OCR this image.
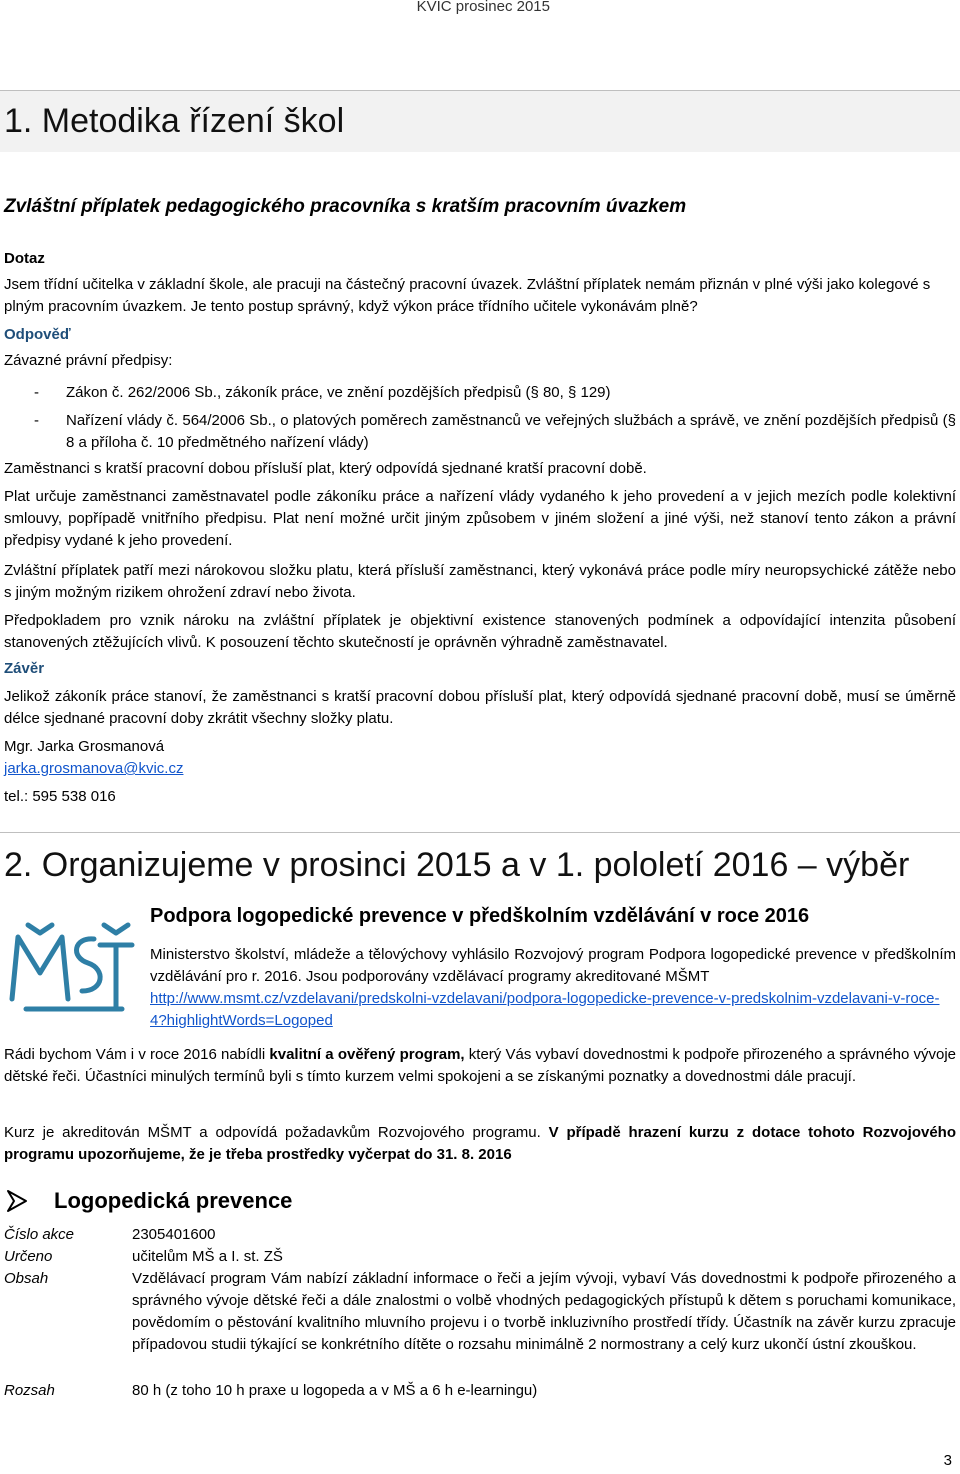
KVIC prosinec 2015
1. Metodika řízení škol
Zvláštní příplatek pedagogického pracovníka s kratším pracovním úvazkem
Dotaz
Jsem třídní učitelka v základní škole, ale pracuji na částečný pracovní úvazek. Zvláštní příplatek nemám přiznán v plné výši jako kolegové s plným pracovním úvazkem. Je tento postup správný, když výkon práce třídního učitele vykonávám plně?
Odpověď
Závazné právní předpisy:
- Zákon č. 262/2006 Sb., zákoník práce, ve znění pozdějších předpisů (§ 80, § 129)
- Nařízení vlády č. 564/2006 Sb., o platových poměrech zaměstnanců ve veřejných službách a správě, ve znění pozdějších předpisů (§ 8 a příloha č. 10 předmětného nařízení vlády)
Zaměstnanci s kratší pracovní dobou přísluší plat, který odpovídá sjednané kratší pracovní době.
Plat určuje zaměstnanci zaměstnavatel podle zákoníku práce a nařízení vlády vydaného k jeho provedení a v jejich mezích podle kolektivní smlouvy, popřípadě vnitřního předpisu. Plat není možné určit jiným způsobem v jiném složení a jiné výši, než stanoví tento zákon a právní předpisy vydané k jeho provedení.
Zvláštní příplatek patří mezi nárokovou složku platu, která přísluší zaměstnanci, který vykonává práce podle míry neuropsychické zátěže nebo s jiným možným rizikem ohrožení zdraví nebo života.
Předpokladem pro vznik nároku na zvláštní příplatek je objektivní existence stanovených podmínek a odpovídající intenzita působení stanovených ztěžujících vlivů. K posouzení těchto skutečností je oprávněn výhradně zaměstnavatel.
Závěr
Jelikož zákoník práce stanoví, že zaměstnanci s kratší pracovní dobou přísluší plat, který odpovídá sjednané pracovní době, musí se úměrně délce sjednané pracovní doby zkrátit všechny složky platu.
Mgr. Jarka Grosmanová
jarka.grosmanova@kvic.cz
tel.: 595 538 016
2. Organizujeme v prosinci 2015 a v 1. pololetí 2016 – výběr
Podpora logopedické prevence v předškolním vzdělávání v roce 2016
Ministerstvo školství, mládeže a tělovýchovy vyhlásilo Rozvojový program Podpora logopedické prevence v předškolním vzdělávání pro r. 2016. Jsou podporovány vzdělávací programy akreditované MŠMT
http://www.msmt.cz/vzdelavani/predskolni-vzdelavani/podpora-logopedicke-prevence-v-predskolnim-vzdelavani-v-roce-4?highlightWords=Logoped
Rádi bychom Vám i v roce 2016 nabídli kvalitní a ověřený program, který Vás vybaví dovednostmi k podpoře přirozeného a správného vývoje dětské řeči. Účastníci minulých termínů byli s tímto kurzem velmi spokojeni a se získanými poznatky a dovednostmi dále pracují.
Kurz je akreditován MŠMT a odpovídá požadavkům Rozvojového programu. V případě hrazení kurzu z dotace tohoto Rozvojového programu upozorňujeme, že je třeba prostředky vyčerpat do 31. 8. 2016
Logopedická prevence
Číslo akce	2305401600
Určeno	učitelům MŠ a I. st. ZŠ
Obsah	Vzdělávací program Vám nabízí základní informace o řeči a jejím vývoji, vybaví Vás dovednostmi k podpoře přirozeného a správného vývoje dětské řeči a dále znalostmi o volbě vhodných pedagogických přístupů k dětem s poruchami komunikace, povědomím o pěstování kvalitního mluvního projevu i o tvorbě inkluzivního prostředí třídy. Účastník na závěr kurzu zpracuje případovou studii týkající se konkrétního dítěte o rozsahu minimálně 2 normostrany a celý kurz ukončí ústní zkouškou.
Rozsah	80 h (z toho 10 h praxe u logopeda a v MŠ a 6 h e-learningu)
3
